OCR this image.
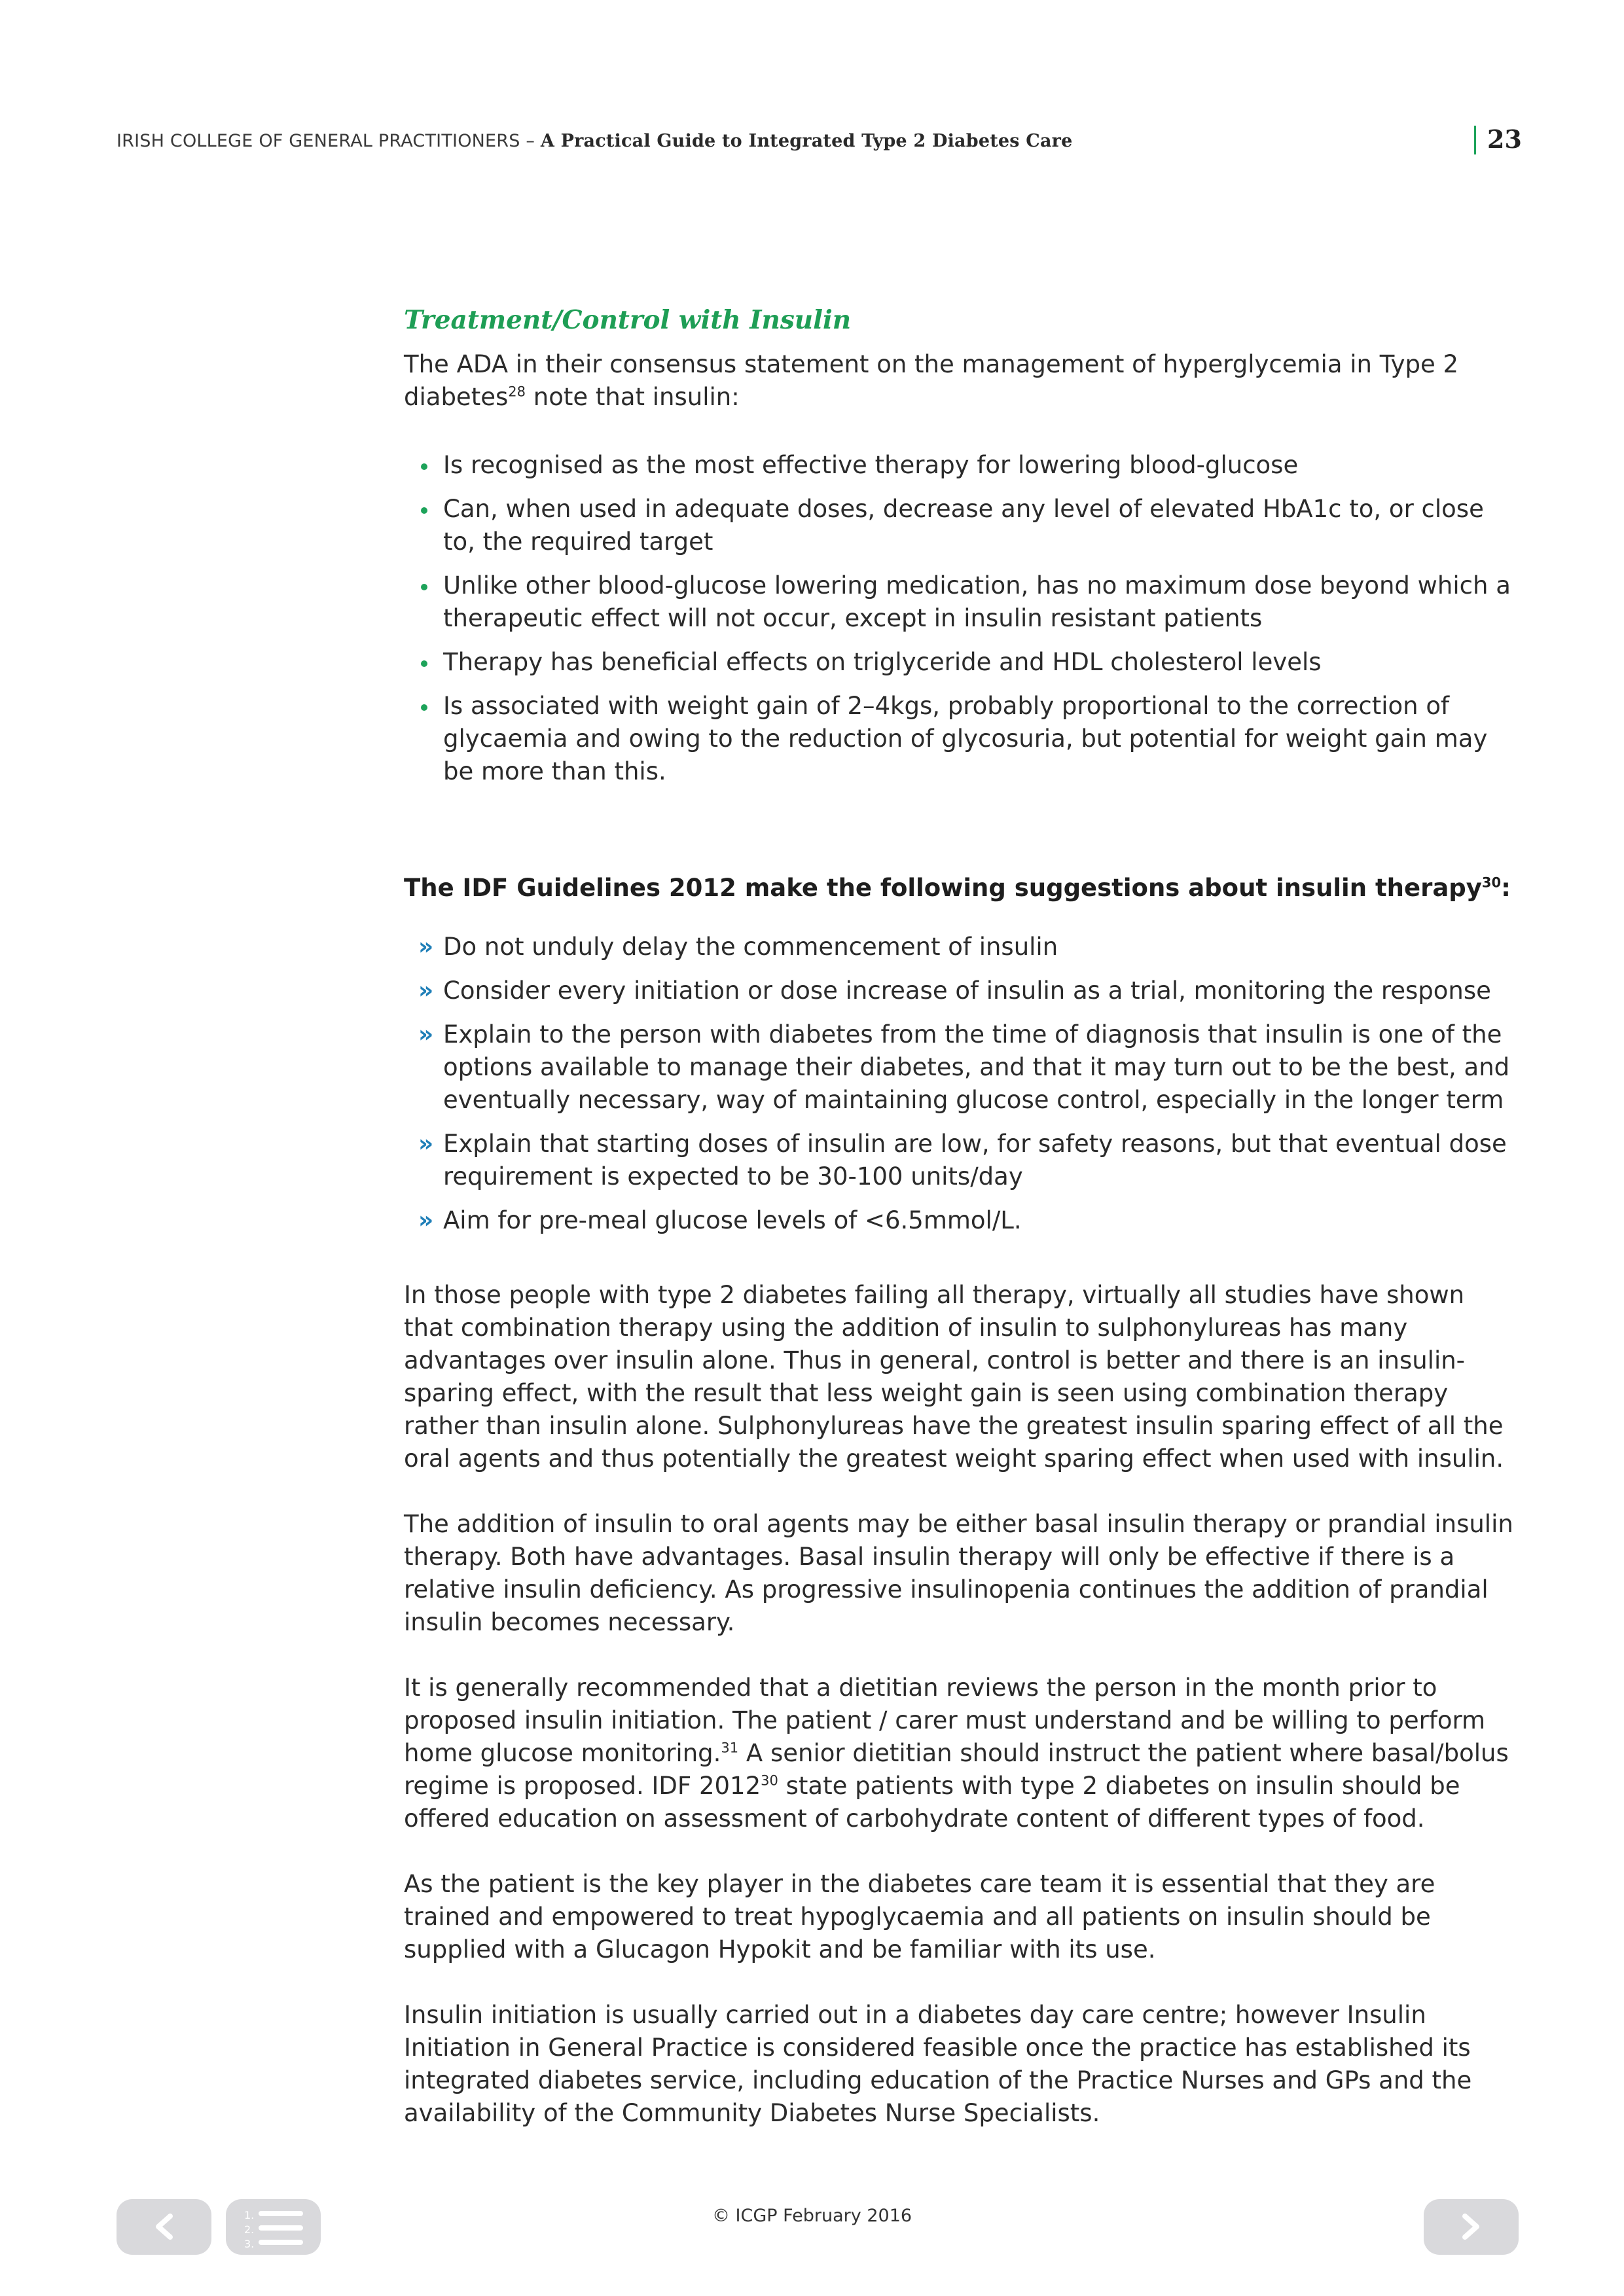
IRISH COLLEGE OF GENERAL PRACTITIONERS – A Practical Guide to Integrated Type 2 Diabetes Care	23
Treatment/Control with Insulin

The ADA in their consensus statement on the management of hyperglycemia in Type 2 diabetes$^{28}$ note that insulin:

Is recognised as the most effective therapy for lowering blood-glucose
Can, when used in adequate doses, decrease any level of elevated HbA1c to, or close to, the required target
Unlike other blood-glucose lowering medication, has no maximum dose beyond which a therapeutic effect will not occur, except in insulin resistant patients
Therapy has beneficial effects on triglyceride and HDL cholesterol levels
Is associated with weight gain of 2–4kgs, probably proportional to the correction of glycaemia and owing to the reduction of glycosuria, but potential for weight gain may be more than this.

The IDF Guidelines 2012 make the following suggestions about insulin therapy$^{30}$:

» Do not unduly delay the commencement of insulin
» Consider every initiation or dose increase of insulin as a trial, monitoring the response
» Explain to the person with diabetes from the time of diagnosis that insulin is one of the options available to manage their diabetes, and that it may turn out to be the best, and eventually necessary, way of maintaining glucose control, especially in the longer term
» Explain that starting doses of insulin are low, for safety reasons, but that eventual dose requirement is expected to be 30-100 units/day
» Aim for pre-meal glucose levels of <6.5mmol/L.

In those people with type 2 diabetes failing all therapy, virtually all studies have shown that combination therapy using the addition of insulin to sulphonylureas has many advantages over insulin alone. Thus in general, control is better and there is an insulin-sparing effect, with the result that less weight gain is seen using combination therapy rather than insulin alone. Sulphonylureas have the greatest insulin sparing effect of all the oral agents and thus potentially the greatest weight sparing effect when used with insulin.

The addition of insulin to oral agents may be either basal insulin therapy or prandial insulin therapy. Both have advantages. Basal insulin therapy will only be effective if there is a relative insulin deficiency. As progressive insulinopenia continues the addition of prandial insulin becomes necessary.

It is generally recommended that a dietitian reviews the person in the month prior to proposed insulin initiation. The patient / carer must understand and be willing to perform home glucose monitoring.$^{31}$ A senior dietitian should instruct the patient where basal/bolus regime is proposed. IDF 2012$^{30}$ state patients with type 2 diabetes on insulin should be offered education on assessment of carbohydrate content of different types of food.

As the patient is the key player in the diabetes care team it is essential that they are trained and empowered to treat hypoglycaemia and all patients on insulin should be supplied with a Glucagon Hypokit and be familiar with its use.

Insulin initiation is usually carried out in a diabetes day care centre; however Insulin Initiation in General Practice is considered feasible once the practice has established its integrated diabetes service, including education of the Practice Nurses and GPs and the availability of the Community Diabetes Nurse Specialists.

1.
2.
3.
© ICGP February 2016
